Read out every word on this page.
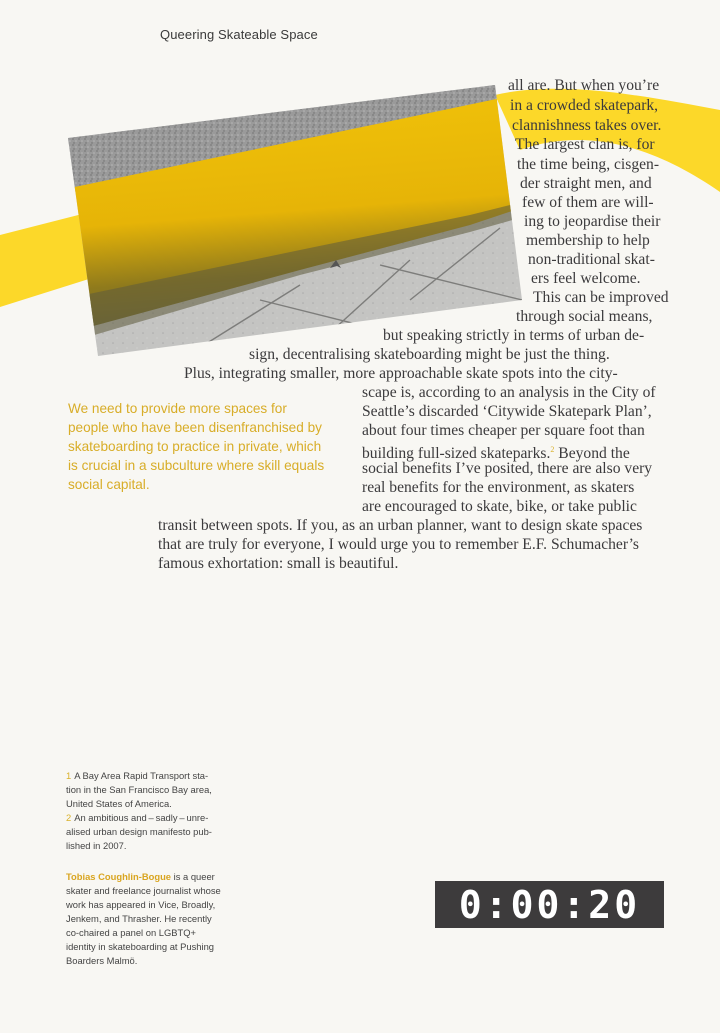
Queering Skateable Space
all are. But when you’re
in a crowded skatepark,
clannishness takes over.
The largest clan is, for
the time being, cisgen-
der straight men, and
few of them are will-
ing to jeopardise their
membership to help
non-traditional skat-
ers feel welcome.
This can be improved
through social means,
but speaking strictly in terms of urban de-
sign, decentralising skateboarding might be just the thing.
Plus, integrating smaller, more approachable skate spots into the city-
scape is, according to an analysis in the City of
Seattle’s discarded ‘Citywide Skatepark Plan’,
about four times cheaper per square foot than
building full-sized skateparks.$^2$ Beyond the
social benefits I’ve posited, there are also very
real benefits for the environment, as skaters
are encouraged to skate, bike, or take public
transit between spots. If you, as an urban planner, want to design skate spaces
that are truly for everyone, I would urge you to remember E.F. Schumacher’s
famous exhortation: small is beautiful.
We need to provide more spaces for
people who have been disenfranchised by
skateboarding to practice in private, which
is crucial in a subculture where skill equals
social capital.
1 A Bay Area Rapid Transport sta-
tion in the San Francisco Bay area,
United States of America.
2 An ambitious and – sadly – unre-
alised urban design manifesto pub-
lished in 2007.
Tobias Coughlin-Bogue is a queer
skater and freelance journalist whose
work has appeared in Vice, Broadly,
Jenkem, and Thrasher. He recently
co-chaired a panel on LGBTQ+
identity in skateboarding at Pushing
Boarders Malmö.
0:00:20
